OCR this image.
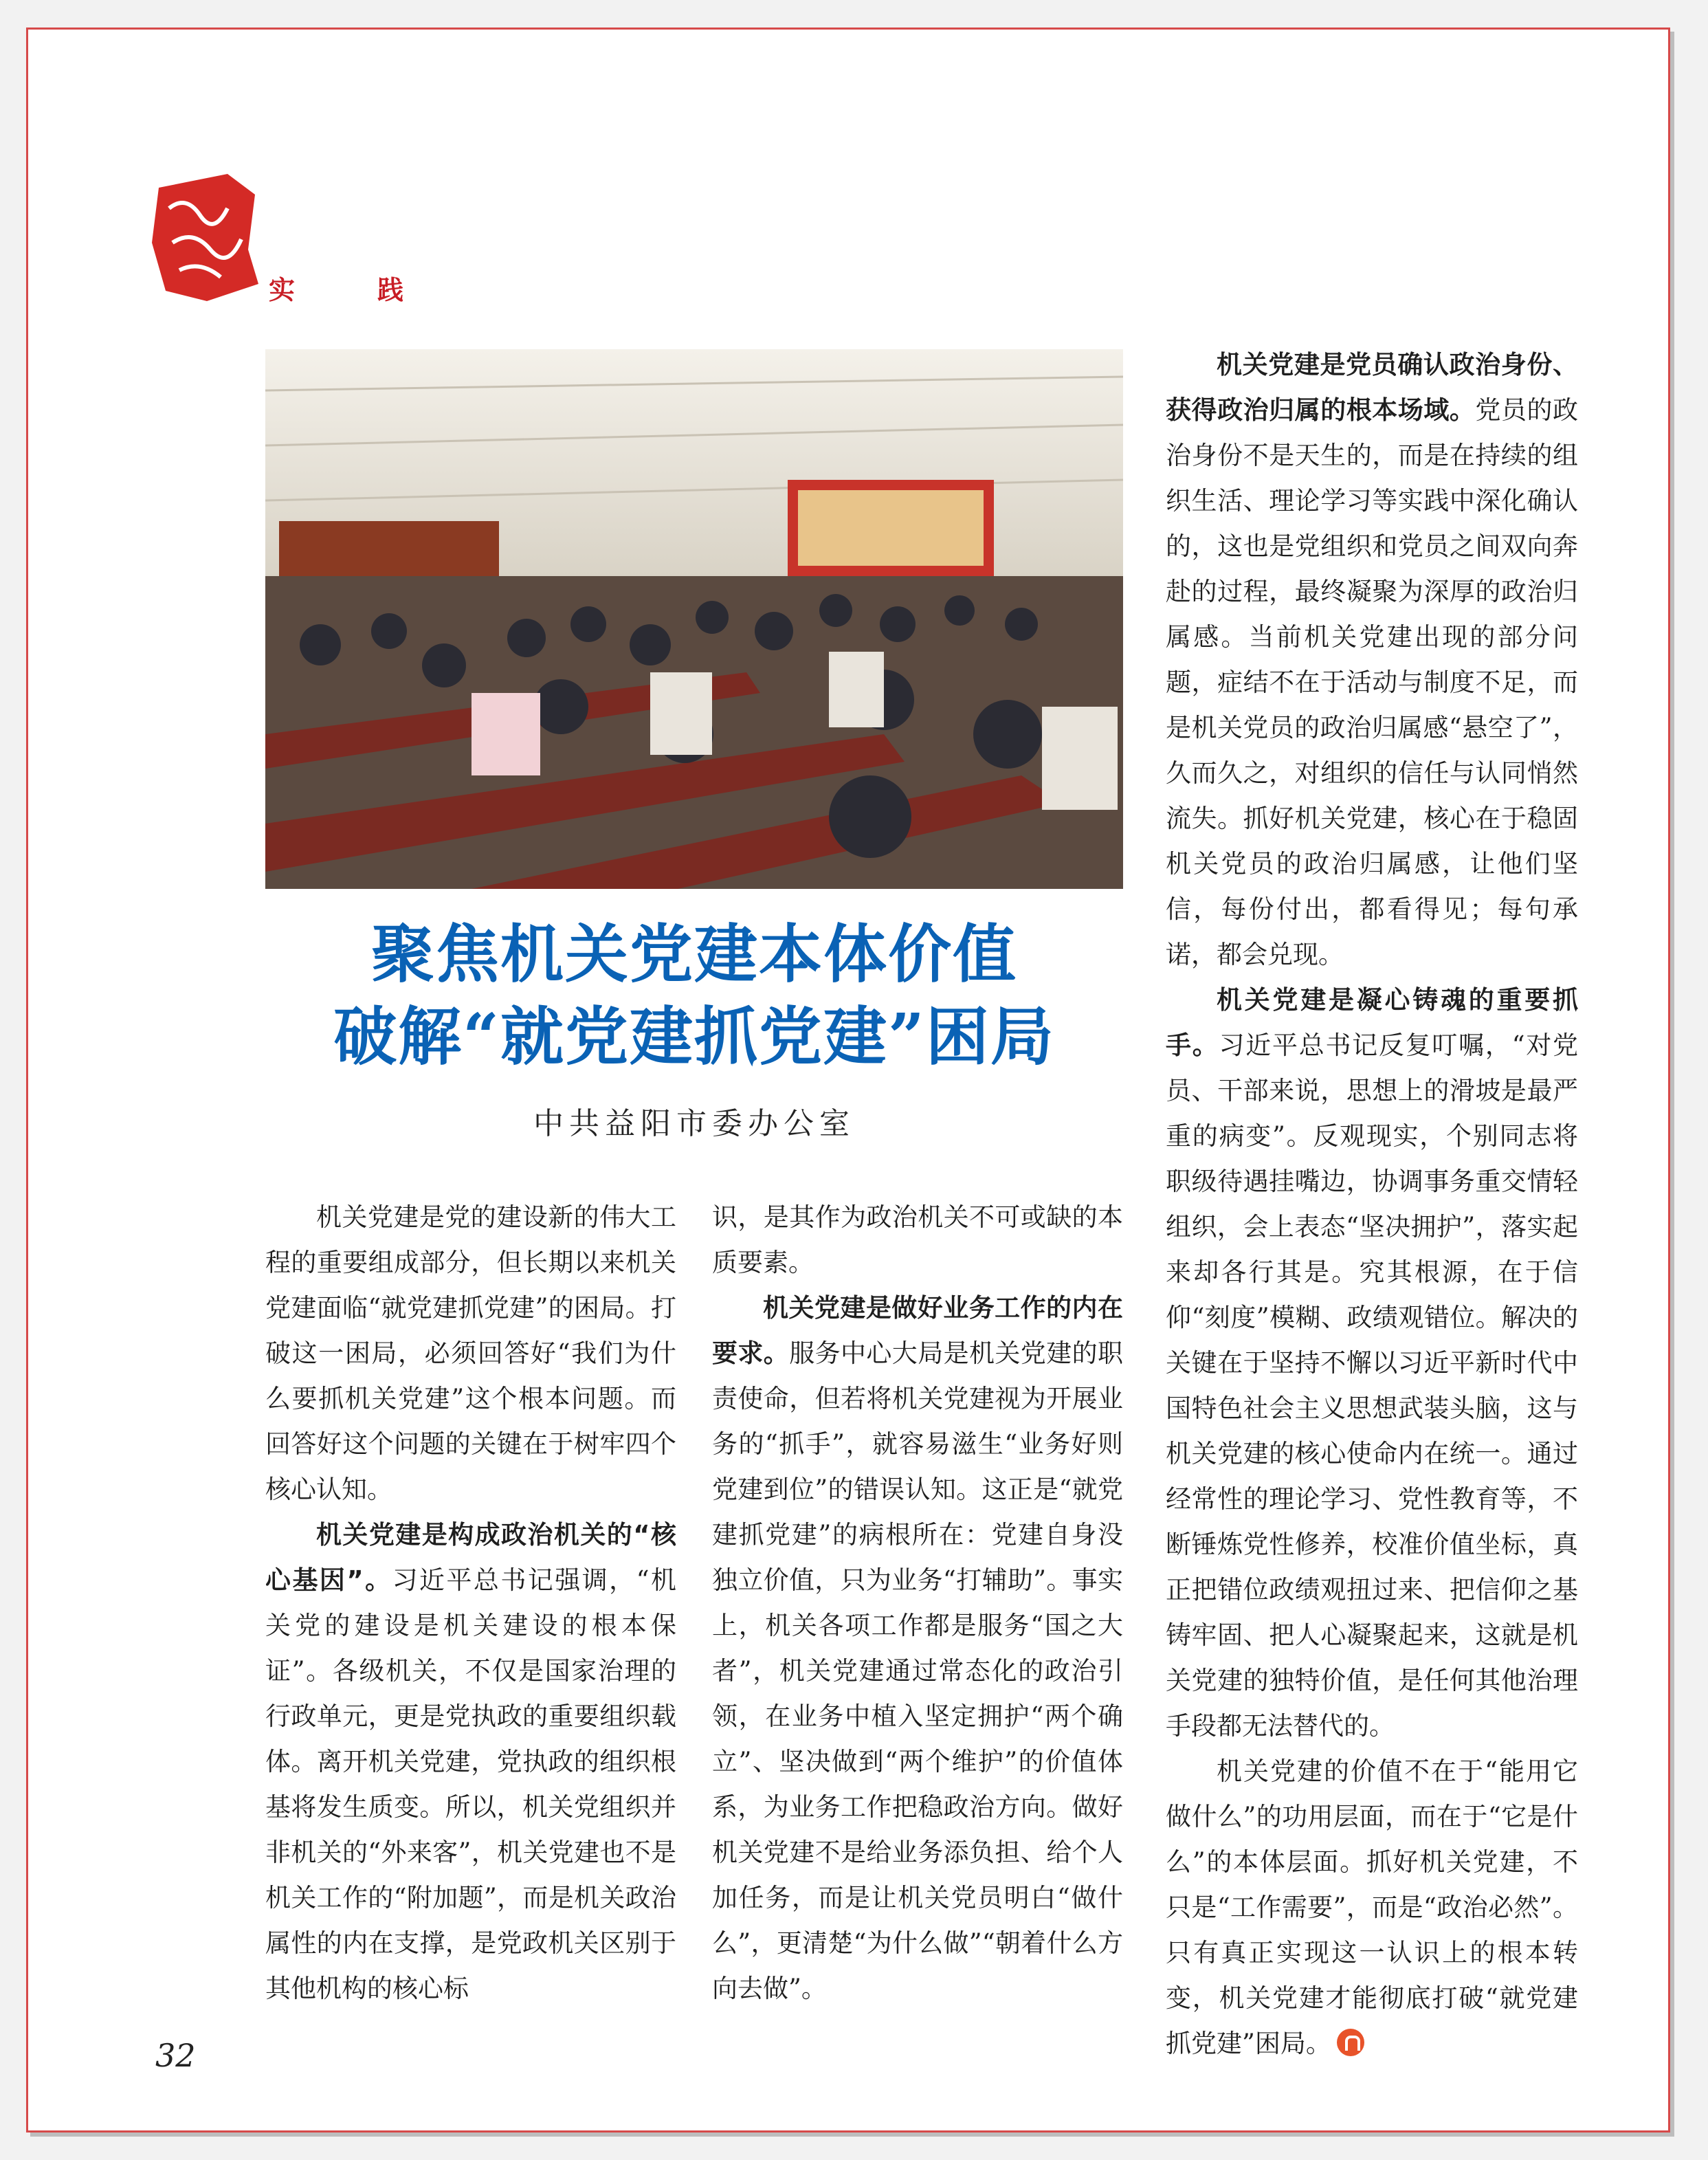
实践
聚焦机关党建本体价值
破解“就党建抓党建”困局
中共益阳市委办公室

机关党建是党的建设新的伟大工程的重要组成部分，但长期以来机关党建面临“就党建抓党建”的困局。打破这一困局，必须回答好“我们为什么要抓机关党建”这个根本问题。而回答好这个问题的关键在于树牢四个核心认知。

机关党建是构成政治机关的“核心基因”。习近平总书记强调，“机关党的建设是机关建设的根本保证”。各级机关，不仅是国家治理的行政单元，更是党执政的重要组织载体。离开机关党建，党执政的组织根基将发生质变。所以，机关党组织并非机关的“外来客”，机关党建也不是机关工作的“附加题”，而是机关政治属性的内在支撑，是党政机关区别于其他机构的核心标

识，是其作为政治机关不可或缺的本质要素。

机关党建是做好业务工作的内在要求。服务中心大局是机关党建的职责使命，但若将机关党建视为开展业务的“抓手”，就容易滋生“业务好则党建到位”的错误认知。这正是“就党建抓党建”的病根所在：党建自身没独立价值，只为业务“打辅助”。事实上，机关各项工作都是服务“国之大者”，机关党建通过常态化的政治引领，在业务中植入坚定拥护“两个确立”、坚决做到“两个维护”的价值体系，为业务工作把稳政治方向。做好机关党建不是给业务添负担、给个人加任务，而是让机关党员明白“做什么”，更清楚“为什么做”“朝着什么方向去做”。

机关党建是党员确认政治身份、获得政治归属的根本场域。党员的政治身份不是天生的，而是在持续的组织生活、理论学习等实践中深化确认的，这也是党组织和党员之间双向奔赴的过程，最终凝聚为深厚的政治归属感。当前机关党建出现的部分问题，症结不在于活动与制度不足，而是机关党员的政治归属感“悬空了”，久而久之，对组织的信任与认同悄然流失。抓好机关党建，核心在于稳固机关党员的政治归属感，让他们坚信，每份付出，都看得见；每句承诺，都会兑现。

机关党建是凝心铸魂的重要抓手。习近平总书记反复叮嘱，“对党员、干部来说，思想上的滑坡是最严重的病变”。反观现实，个别同志将职级待遇挂嘴边，协调事务重交情轻组织，会上表态“坚决拥护”，落实起来却各行其是。究其根源，在于信仰“刻度”模糊、政绩观错位。解决的关键在于坚持不懈以习近平新时代中国特色社会主义思想武装头脑，这与机关党建的核心使命内在统一。通过经常性的理论学习、党性教育等，不断锤炼党性修养，校准价值坐标，真正把错位政绩观扭过来、把信仰之基铸牢固、把人心凝聚起来，这就是机关党建的独特价值，是任何其他治理手段都无法替代的。

机关党建的价值不在于“能用它做什么”的功用层面，而在于“它是什么”的本体层面。抓好机关党建，不只是“工作需要”，而是“政治必然”。只有真正实现这一认识上的根本转变，机关党建才能彻底打破“就党建抓党建”困局。

32
